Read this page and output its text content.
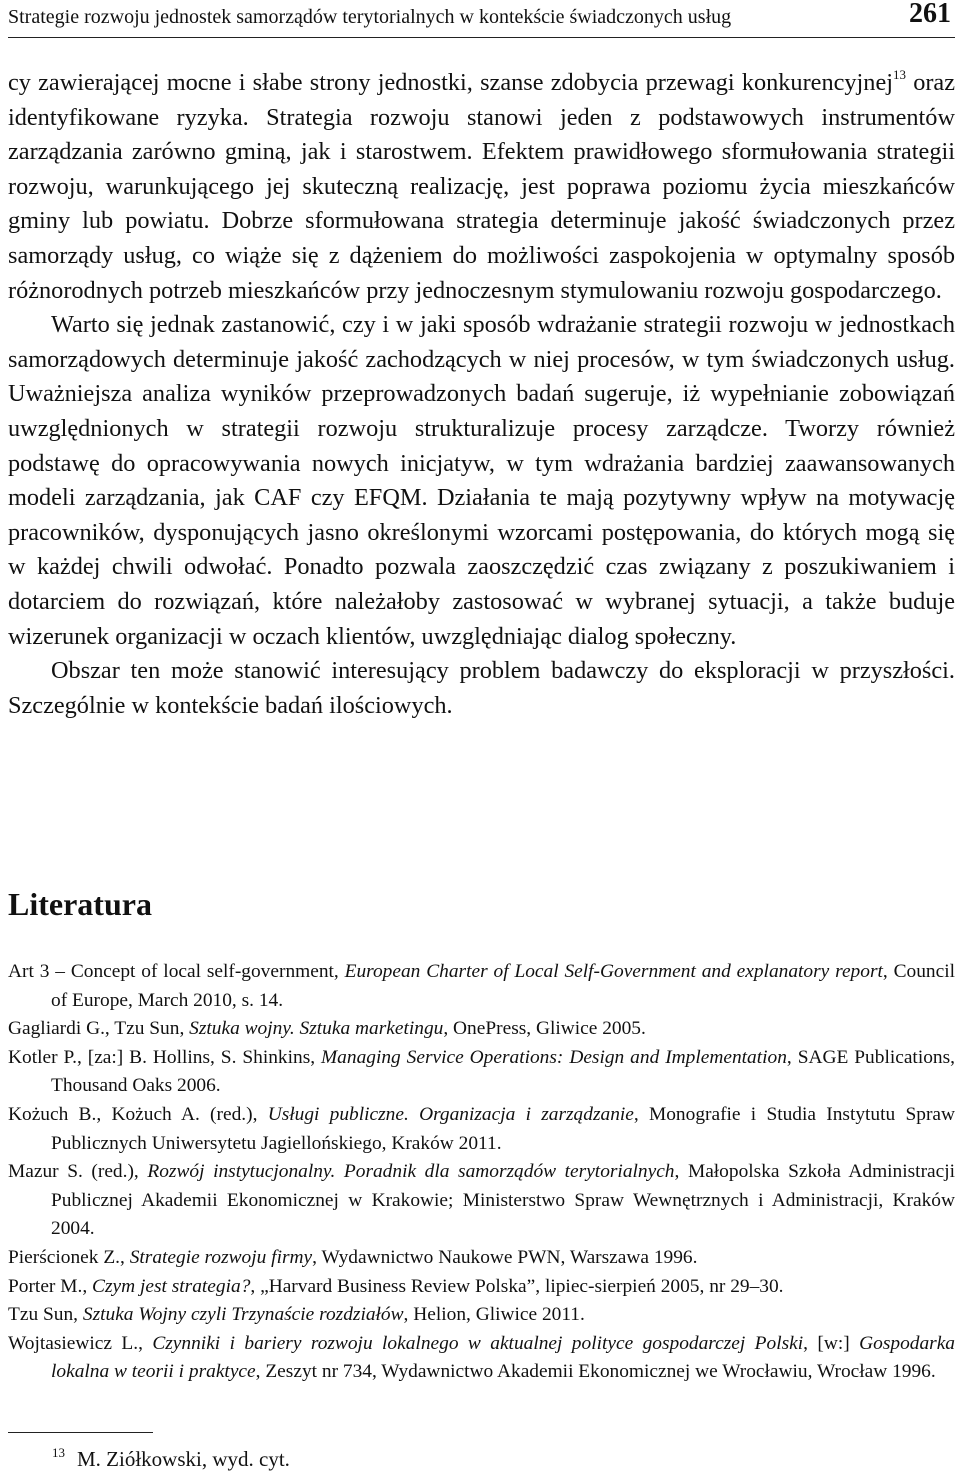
Strategie rozwoju jednostek samorządów terytorialnych w kontekście świadczonych usług	261

cy zawierającej mocne i słabe strony jednostki, szanse zdobycia przewagi konkurencyjnej$^{13}$ oraz identyfikowane ryzyka. Strategia rozwoju stanowi jeden z podstawowych instrumentów zarządzania zarówno gminą, jak i starostwem. Efektem prawidłowego sformułowania strategii rozwoju, warunkującego jej skuteczną realizację, jest poprawa poziomu życia mieszkańców gminy lub powiatu. Dobrze sformułowana strategia determinuje jakość świadczonych przez samorządy usług, co wiąże się z dążeniem do możliwości zaspokojenia w optymalny sposób różnorodnych potrzeb mieszkańców przy jednoczesnym stymulowaniu rozwoju gospodarczego.

Warto się jednak zastanowić, czy i w jaki sposób wdrażanie strategii rozwoju w jednostkach samorządowych determinuje jakość zachodzących w niej procesów, w tym świadczonych usług. Uważniejsza analiza wyników przeprowadzonych badań sugeruje, iż wypełnianie zobowiązań uwzględnionych w strategii rozwoju strukturalizuje procesy zarządcze. Tworzy również podstawę do opracowywania nowych inicjatyw, w tym wdrażania bardziej zaawansowanych modeli zarządzania, jak CAF czy EFQM. Działania te mają pozytywny wpływ na motywację pracowników, dysponujących jasno określonymi wzorcami postępowania, do których mogą się w każdej chwili odwołać. Ponadto pozwala zaoszczędzić czas związany z poszukiwaniem i dotarciem do rozwiązań, które należałoby zastosować w wybranej sytuacji, a także buduje wizerunek organizacji w oczach klientów, uwzględniając dialog społeczny.

Obszar ten może stanowić interesujący problem badawczy do eksploracji w przyszłości. Szczególnie w kontekście badań ilościowych.

Literatura
Art 3 – Concept of local self-government, European Charter of Local Self-Government and explanatory report, Council of Europe, March 2010, s. 14.
Gagliardi G., Tzu Sun, Sztuka wojny. Sztuka marketingu, OnePress, Gliwice 2005.
Kotler P., [za:] B. Hollins, S. Shinkins, Managing Service Operations: Design and Implementation, SAGE Publications, Thousand Oaks 2006.
Kożuch B., Kożuch A. (red.), Usługi publiczne. Organizacja i zarządzanie, Monografie i Studia Instytutu Spraw Publicznych Uniwersytetu Jagiellońskiego, Kraków 2011.
Mazur S. (red.), Rozwój instytucjonalny. Poradnik dla samorządów terytorialnych, Małopolska Szkoła Administracji Publicznej Akademii Ekonomicznej w Krakowie; Ministerstwo Spraw Wewnętrznych i Administracji, Kraków 2004.
Pierścionek Z., Strategie rozwoju firmy, Wydawnictwo Naukowe PWN, Warszawa 1996.
Porter M., Czym jest strategia?, „Harvard Business Review Polska”, lipiec-sierpień 2005, nr 29–30.
Tzu Sun, Sztuka Wojny czyli Trzynaście rozdziałów, Helion, Gliwice 2011.
Wojtasiewicz L., Czynniki i bariery rozwoju lokalnego w aktualnej polityce gospodarczej Polski, [w:] Gospodarka lokalna w teorii i praktyce, Zeszyt nr 734, Wydawnictwo Akademii Ekonomicznej we Wrocławiu, Wrocław 1996.
$^{13}$ M. Ziółkowski, wyd. cyt.
